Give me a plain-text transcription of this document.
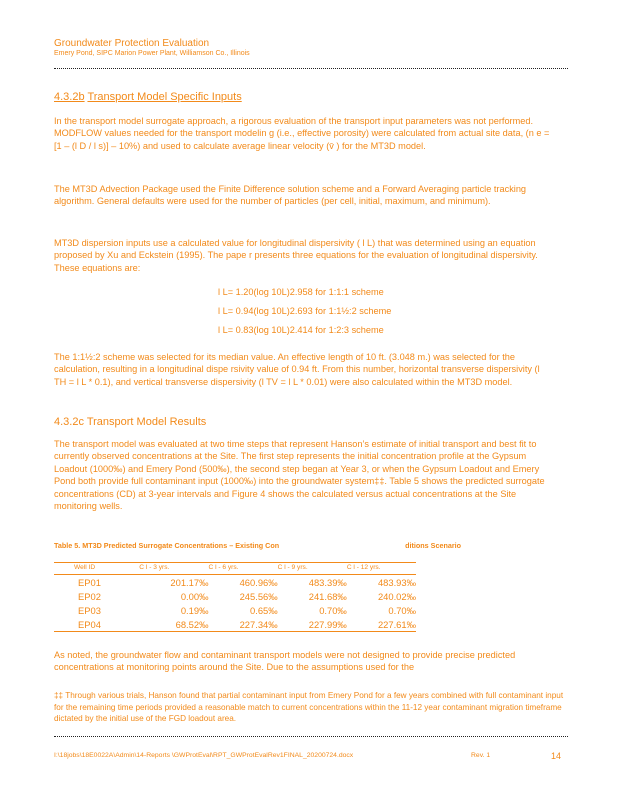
Groundwater Protection Evaluation
Emery Pond, SIPC Marion Power Plant, Williamson Co., Illinois
4.3.2b Transport Model Specific Inputs

In the transport model surrogate approach, a rigorous evaluation of the transport input parameters was not performed. MODFLOW values needed for the transport modelin g (i.e., effective porosity) were calculated from actual site data, (n e = [1 – (l D / l s)] – 10%) and used to calculate average linear velocity (v̄ ) for the MT3D model.

The MT3D Advection Package used the Finite Difference solution scheme and a Forward Averaging particle tracking algorithm. General defaults were used for the number of particles (per cell, initial, maximum, and minimum).

MT3D dispersion inputs use a calculated value for longitudinal dispersivity ( l L) that was determined using an equation proposed by Xu and Eckstein (1995). The pape r presents three equations for the evaluation of longitudinal dispersivity. These equations are:

l L= 1.20(log 10L)2.958 for 1:1:1 scheme
l L= 0.94(log 10L)2.693 for 1:1½:2 scheme
l L= 0.83(log 10L)2.414 for 1:2:3 scheme

The 1:1½:2 scheme was selected for its median value. An effective length of 10 ft. (3.048 m.) was selected for the calculation, resulting in a longitudinal dispe rsivity value of 0.94 ft. From this number, horizontal transverse dispersivity (l TH = l L * 0.1), and vertical transverse dispersivity (l TV = l L * 0.01) were also calculated within the MT3D model.

4.3.2c Transport Model Results

The transport model was evaluated at two time steps that represent Hanson’s estimate of initial transport and best fit to currently observed concentrations at the Site. The first step represents the initial concentration profile at the Gypsum Loadout (1000‰) and Emery Pond (500‰), the second step began at Year 3, or when the Gypsum Loadout and Emery Pond both provide full contaminant input (1000‰) into the groundwater system‡‡. Table 5 shows the predicted surrogate concentrations (CD) at 3-year intervals and Figure 4 shows the calculated versus actual concentrations at the Site monitoring wells.

Table 5. MT3D Predicted Surrogate Concentrations – Existing Con	ditions Scenario
Well ID	C l - 3 yrs.	C l - 6 yrs.	C l - 9 yrs.	C l - 12 yrs.
EP01	201.17‰	460.96‰	483.39‰	483.93‰
EP02	0.00‰	245.56‰	241.68‰	240.02‰
EP03	0.19‰	0.65‰	0.70‰	0.70‰
EP04	68.52‰	227.34‰	227.99‰	227.61‰

As noted, the groundwater flow and contaminant transport models were not designed to provide precise predicted concentrations at monitoring points around the Site. Due to the assumptions used for the

‡‡ Through various trials, Hanson found that partial contaminant input from Emery Pond for a few years combined with full contaminant input for the remaining time periods provided a reasonable match to current concentrations within the 11-12 year contaminant migration timeframe dictated by the initial use of the FGD loadout area.

I:\18jobs\18E0022A\Admin\14-Reports \GWProtEval\RPT_GWProtEvalRev1FINAL_20200724.docx	Rev. 1	14
